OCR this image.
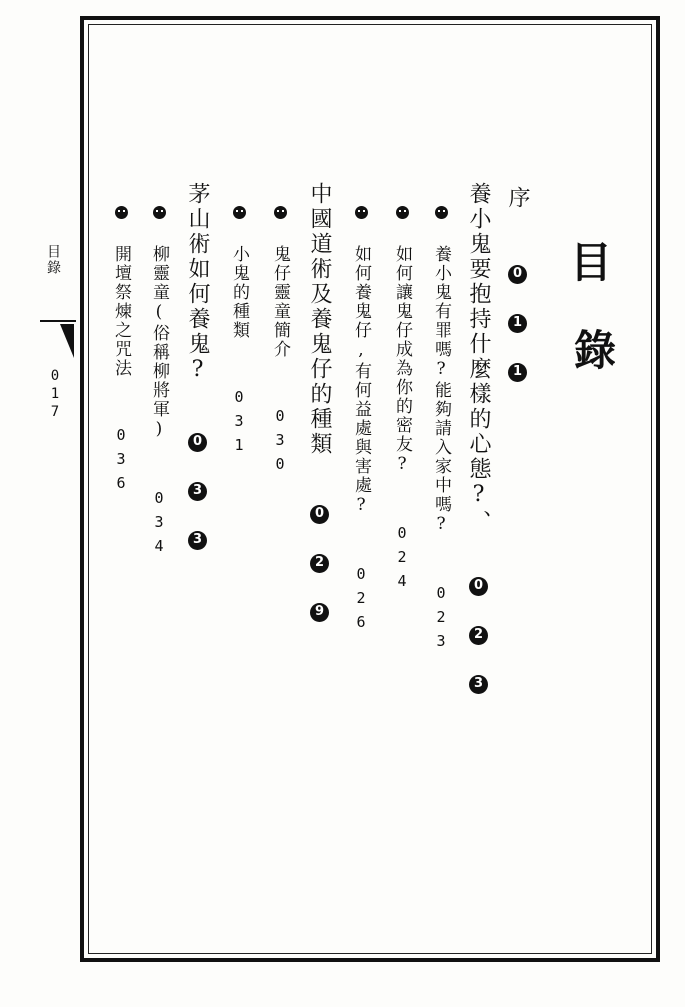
目錄
017
目
錄
序 0 1 1
養小鬼要抱持什麼樣的心態?、 0 2 3
養小鬼有罪嗎?能夠請入家中嗎? 023
如何讓鬼仔成為你的密友? 024
如何養鬼仔,有何益處與害處? 026
中國道術及養鬼仔的種類 0 2 9
鬼仔靈童簡介 030
小鬼的種類 031
茅山術如何養鬼? 0 3 3
柳靈童(俗稱柳將軍) 034
開壇祭煉之咒法 036
